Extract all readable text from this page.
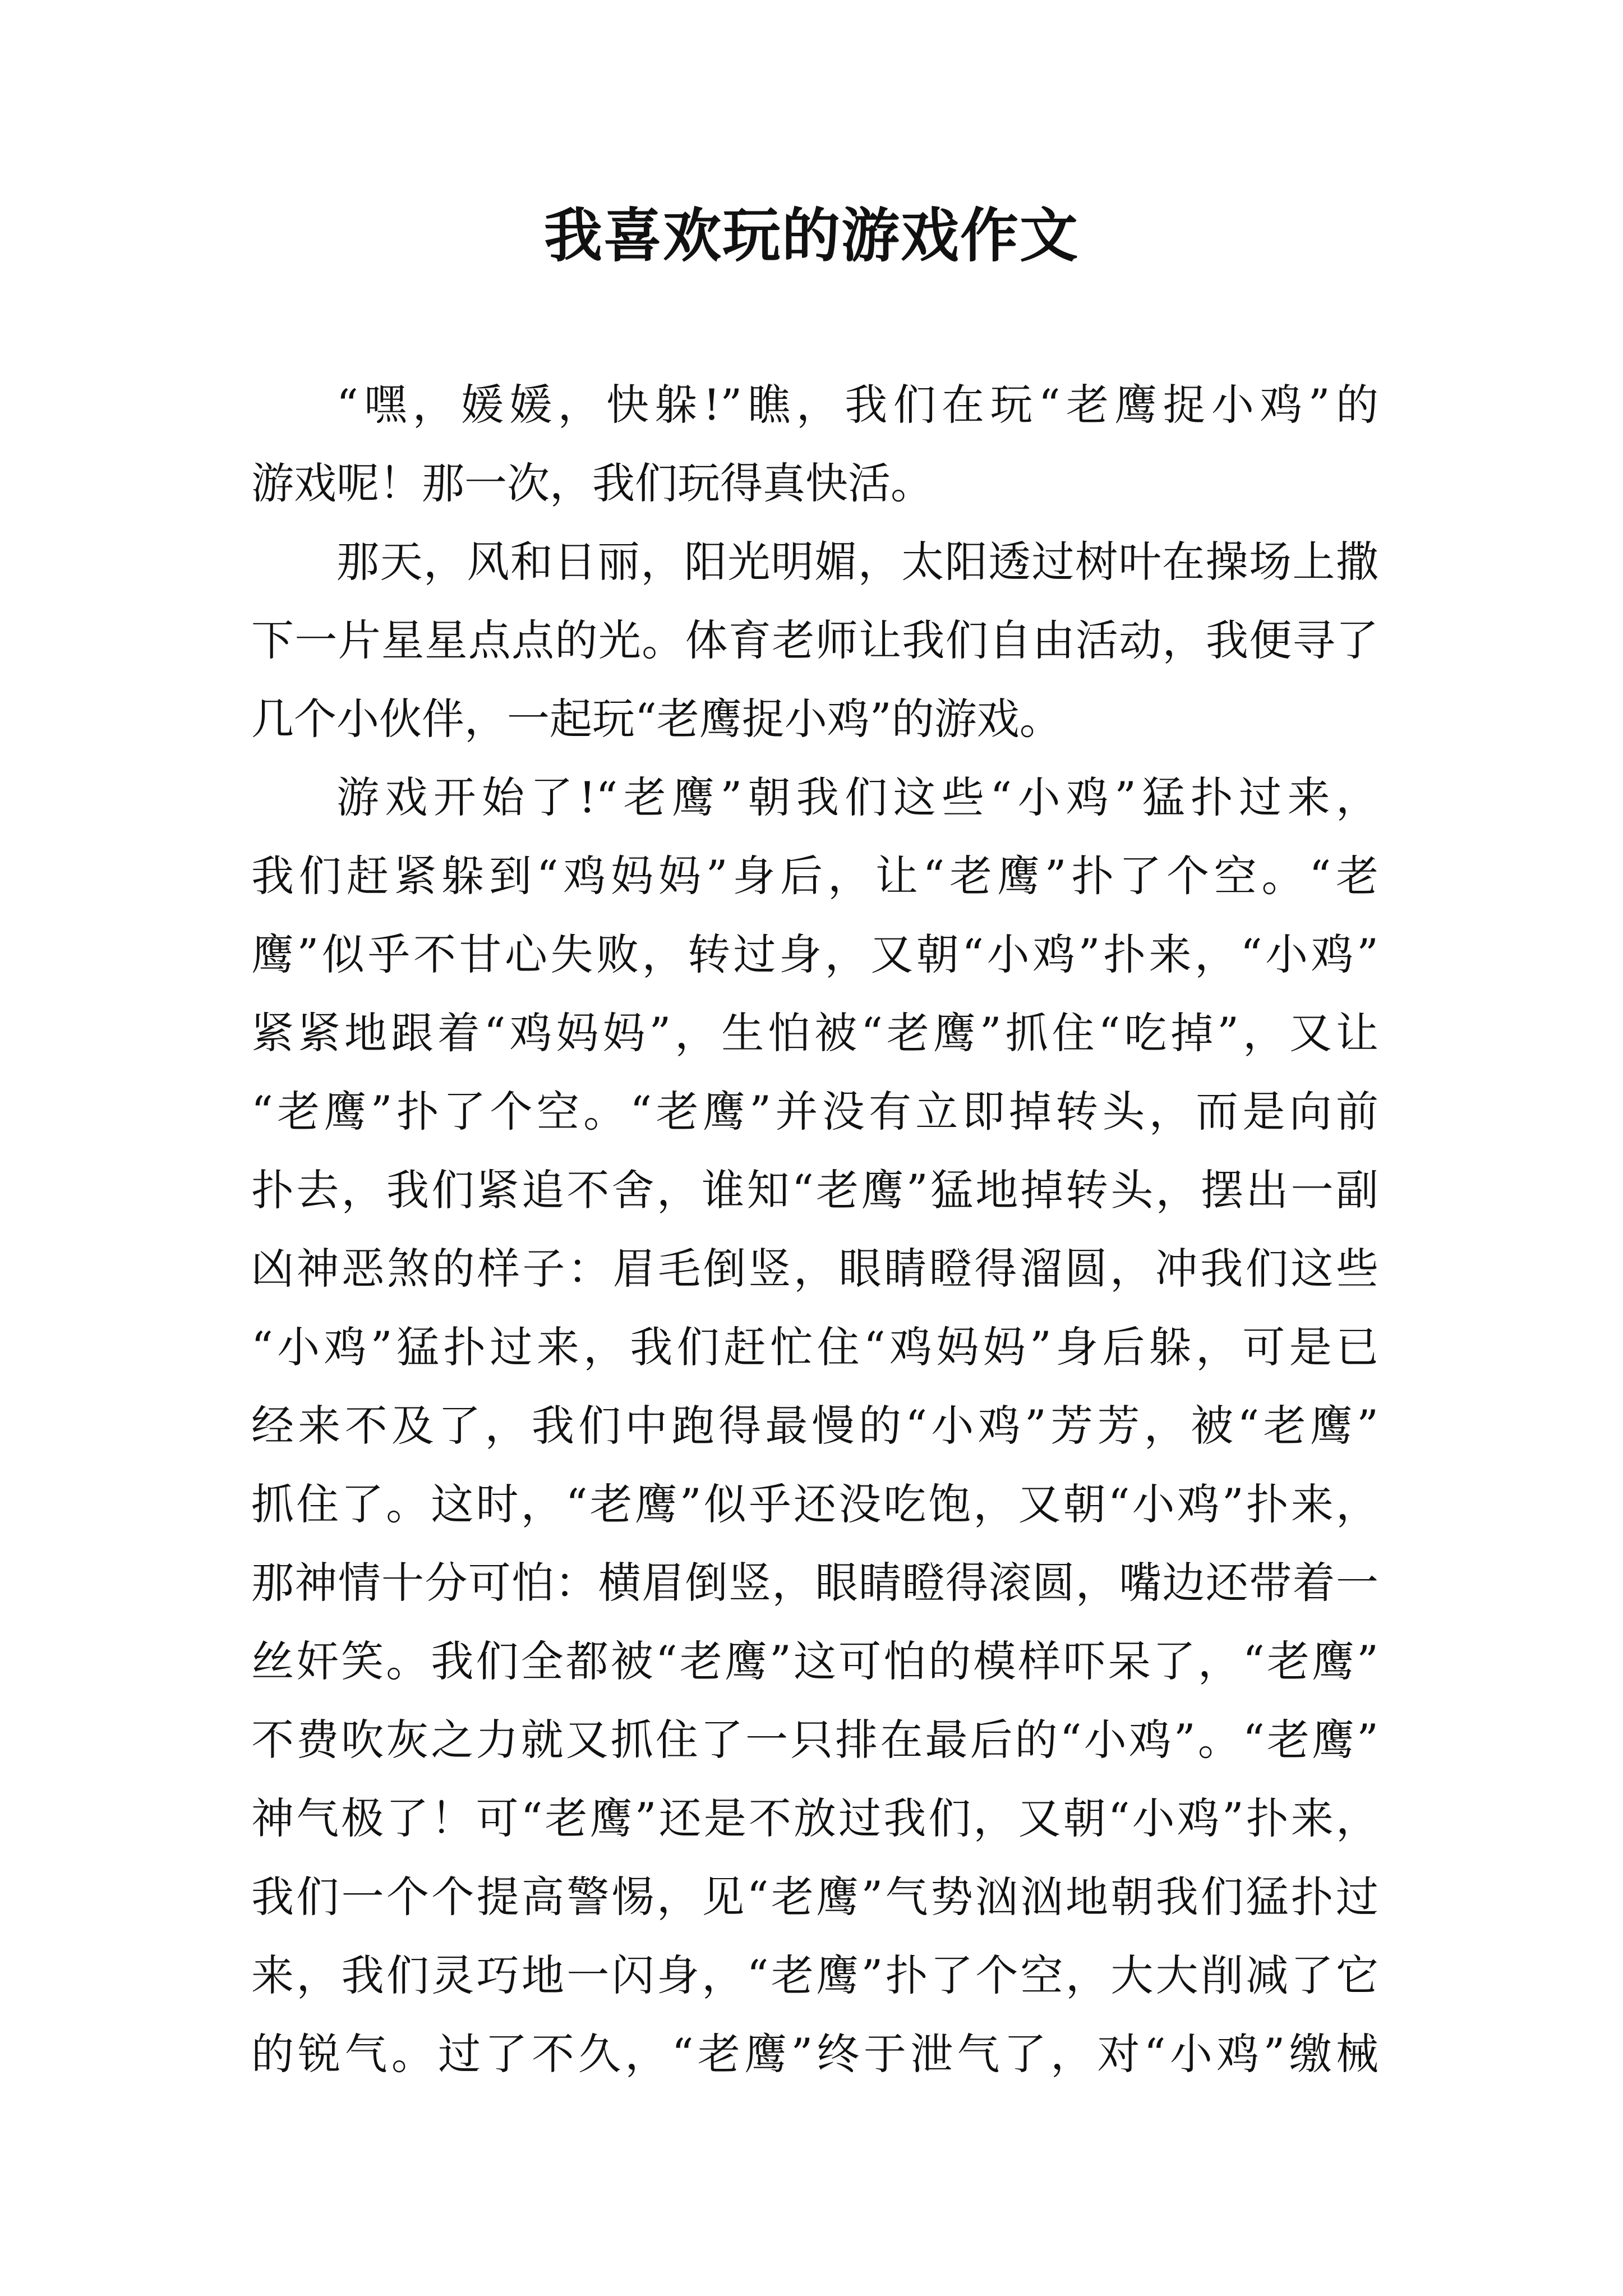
我喜欢玩的游戏作文
“嘿，媛媛，快躲!”瞧，我们在玩“老鹰捉小鸡”的
游戏呢！那一次，我们玩得真快活。
那天，风和日丽，阳光明媚，太阳透过树叶在操场上撒
下一片星星点点的光。体育老师让我们自由活动，我便寻了
几个小伙伴，一起玩“老鹰捉小鸡”的游戏。
游戏开始了!“老鹰”朝我们这些“小鸡”猛扑过来，
我们赶紧躲到“鸡妈妈”身后，让“老鹰”扑了个空。“老
鹰”似乎不甘心失败，转过身，又朝“小鸡”扑来，“小鸡”
紧紧地跟着“鸡妈妈”，生怕被“老鹰”抓住“吃掉”，又让
“老鹰”扑了个空。“老鹰”并没有立即掉转头，而是向前
扑去，我们紧追不舍，谁知“老鹰”猛地掉转头，摆出一副
凶神恶煞的样子：眉毛倒竖，眼睛瞪得溜圆，冲我们这些
“小鸡”猛扑过来，我们赶忙住“鸡妈妈”身后躲，可是已
经来不及了，我们中跑得最慢的“小鸡”芳芳，被“老鹰”
抓住了。这时，“老鹰”似乎还没吃饱，又朝“小鸡”扑来，
那神情十分可怕：横眉倒竖，眼睛瞪得滚圆，嘴边还带着一
丝奸笑。我们全都被“老鹰”这可怕的模样吓呆了，“老鹰”
不费吹灰之力就又抓住了一只排在最后的“小鸡”。“老鹰”
神气极了！可“老鹰”还是不放过我们，又朝“小鸡”扑来，
我们一个个提高警惕，见“老鹰”气势汹汹地朝我们猛扑过
来，我们灵巧地一闪身，“老鹰”扑了个空，大大削减了它
的锐气。过了不久，“老鹰”终于泄气了，对“小鸡”缴械
